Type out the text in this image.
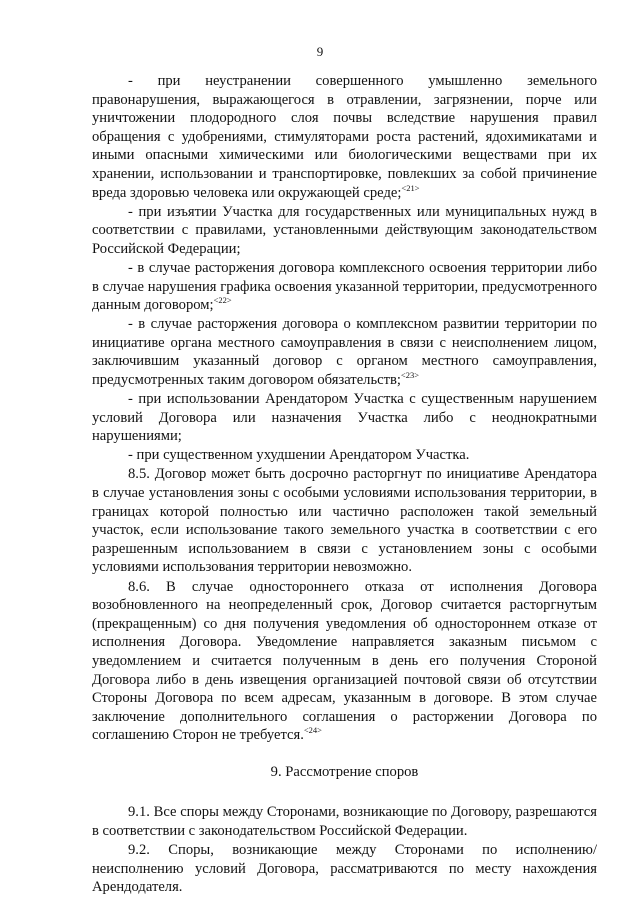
9

- при неустранении совершенного умышленно земельного правонарушения, выражающегося в отравлении, загрязнении, порче или уничтожении плодородного слоя почвы вследствие нарушения правил обращения с удобрениями, стимуляторами роста растений, ядохимикатами и иными опасными химическими или биологическими веществами при их хранении, использовании и транспортировке, повлекших за собой причинение вреда здоровью человека или окружающей среде;$^{<21>}$

- при изъятии Участка для государственных или муниципальных нужд в соответствии с правилами, установленными действующим законодательством Российской Федерации;

- в случае расторжения договора комплексного освоения территории либо в случае нарушения графика освоения указанной территории, предусмотренного данным договором;$^{<22>}$

- в случае расторжения договора о комплексном развитии территории по инициативе органа местного самоуправления в связи с неисполнением лицом, заключившим указанный договор с органом местного самоуправления, предусмотренных таким договором обязательств;$^{<23>}$

- при использовании Арендатором Участка с существенным нарушением условий Договора или назначения Участка либо с неоднократными нарушениями;

- при существенном ухудшении Арендатором Участка.

8.5. Договор может быть досрочно расторгнут по инициативе Арендатора в случае установления зоны с особыми условиями использования территории, в границах которой полностью или частично расположен такой земельный участок, если использование такого земельного участка в соответствии с его разрешенным использованием в связи с установлением зоны с особыми условиями использования территории невозможно.

8.6. В случае одностороннего отказа от исполнения Договора возобновленного на неопределенный срок, Договор считается расторгнутым (прекращенным) со дня получения уведомления об одностороннем отказе от исполнения Договора. Уведомление направляется заказным письмом с уведомлением и считается полученным в день его получения Стороной Договора либо в день извещения организацией почтовой связи об отсутствии Стороны Договора по всем адресам, указанным в договоре. В этом случае заключение дополнительного соглашения о расторжении Договора по соглашению Сторон не требуется.$^{<24>}$

9. Рассмотрение споров

9.1. Все споры между Сторонами, возникающие по Договору, разрешаются в соответствии с законодательством Российской Федерации.

9.2. Споры, возникающие между Сторонами по исполнению/неисполнению условий Договора, рассматриваются по месту нахождения Арендодателя.
